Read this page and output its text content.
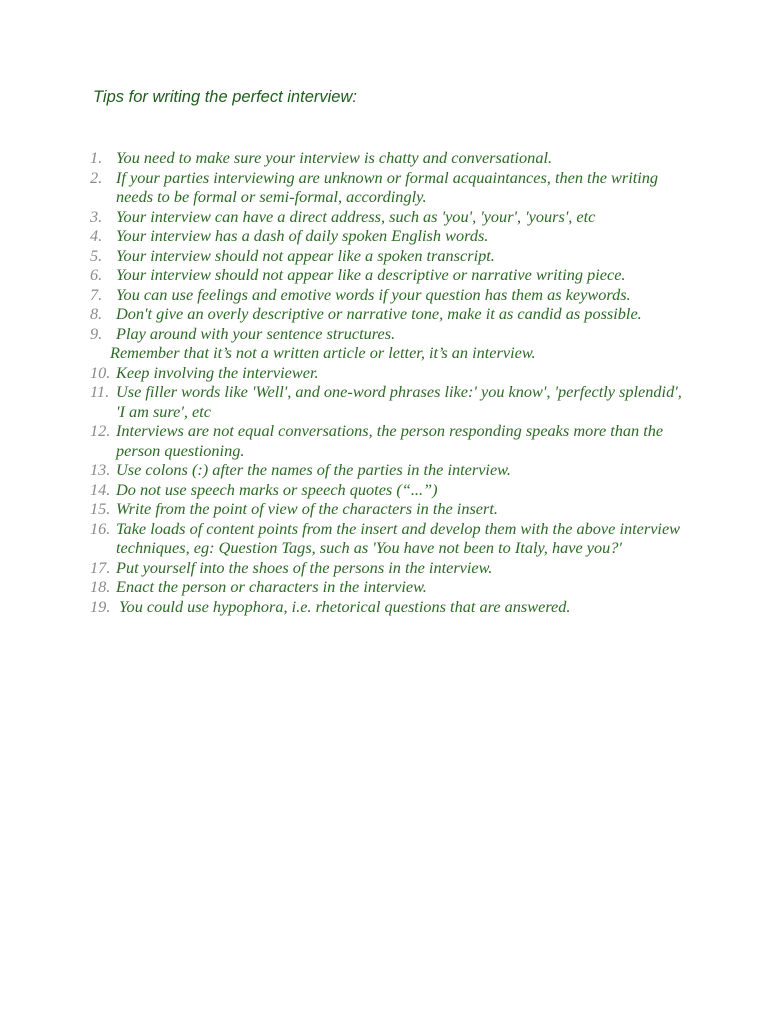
Tips for writing the perfect interview:
1. You need to make sure your interview is chatty and conversational.
2. If your parties interviewing are unknown or formal acquaintances, then the writing needs to be formal or semi-formal, accordingly.
3. Your interview can have a direct address, such as 'you', 'your', 'yours', etc
4. Your interview has a dash of daily spoken English words.
5. Your interview should not appear like a spoken transcript.
6. Your interview should not appear like a descriptive or narrative writing piece.
7. You can use feelings and emotive words if your question has them as keywords.
8. Don't give an overly descriptive or narrative tone, make it as candid as possible.
9. Play around with your sentence structures.
Remember that it’s not a written article or letter, it’s an interview.
10. Keep involving the interviewer.
11. Use filler words like 'Well', and one-word phrases like:' you know', 'perfectly splendid', 'I am sure', etc
12. Interviews are not equal conversations, the person responding speaks more than the person questioning.
13. Use colons (:) after the names of the parties in the interview.
14. Do not use speech marks or speech quotes (“...”)
15. Write from the point of view of the characters in the insert.
16. Take loads of content points from the insert and develop them with the above interview techniques, eg: Question Tags, such as 'You have not been to Italy, have you?'
17. Put yourself into the shoes of the persons in the interview.
18. Enact the person or characters in the interview.
19. You could use hypophora, i.e. rhetorical questions that are answered.
